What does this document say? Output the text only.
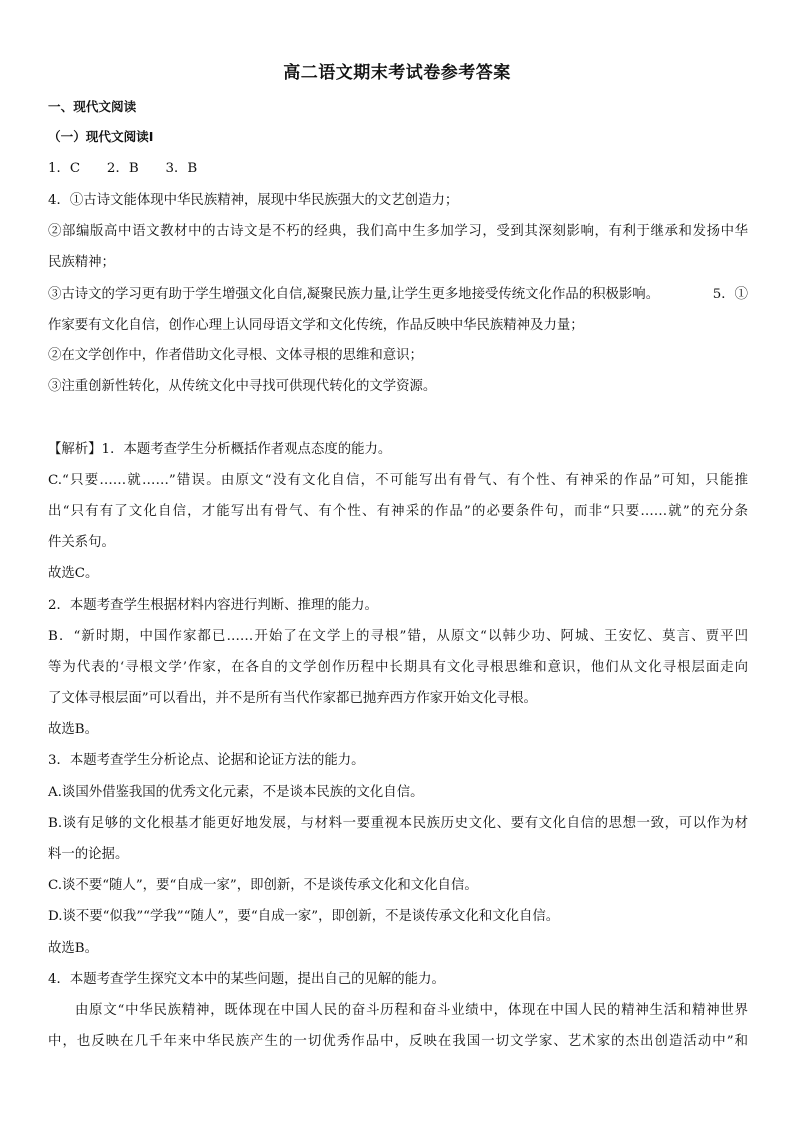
高二语文期末考试卷参考答案
一、现代文阅读
（一）现代文阅读Ⅰ
1．C　　2．B　　3．B
4．①古诗文能体现中华民族精神，展现中华民族强大的文艺创造力；
②部编版高中语文教材中的古诗文是不朽的经典，我们高中生多加学习，受到其深刻影响，有利于继承和发扬中华
民族精神；
③古诗文的学习更有助于学生增强文化自信,凝聚民族力量,让学生更多地接受传统文化作品的积极影响。	5．①
作家要有文化自信，创作心理上认同母语文学和文化传统，作品反映中华民族精神及力量；
②在文学创作中，作者借助文化寻根、文体寻根的思维和意识；
③注重创新性转化，从传统文化中寻找可供现代转化的文学资源。
【解析】1．本题考查学生分析概括作者观点态度的能力。
C.“只要……就……”错误。由原文“没有文化自信，不可能写出有骨气、有个性、有神采的作品”可知，只能推
出“只有有了文化自信，才能写出有骨气、有个性、有神采的作品”的必要条件句，而非“只要……就”的充分条
件关系句。
故选C。
2．本题考查学生根据材料内容进行判断、推理的能力。
B．“新时期，中国作家都已……开始了在文学上的寻根”错，从原文“以韩少功、阿城、王安忆、莫言、贾平凹
等为代表的‘寻根文学’作家，在各自的文学创作历程中长期具有文化寻根思维和意识，他们从文化寻根层面走向
了文体寻根层面”可以看出，并不是所有当代作家都已抛弃西方作家开始文化寻根。
故选B。
3．本题考查学生分析论点、论据和论证方法的能力。
A.谈国外借鉴我国的优秀文化元素，不是谈本民族的文化自信。
B.谈有足够的文化根基才能更好地发展，与材料一要重视本民族历史文化、要有文化自信的思想一致，可以作为材
料一的论据。
C.谈不要“随人”，要“自成一家”，即创新，不是谈传承文化和文化自信。
D.谈不要“似我”“学我”“随人”，要“自成一家”，即创新，不是谈传承文化和文化自信。
故选B。
4．本题考查学生探究文本中的某些问题，提出自己的见解的能力。
由原文“中华民族精神，既体现在中国人民的奋斗历程和奋斗业绩中，体现在中国人民的精神生活和精神世界
中，也反映在几千年来中华民族产生的一切优秀作品中，反映在我国一切文学家、艺术家的杰出创造活动中”和
